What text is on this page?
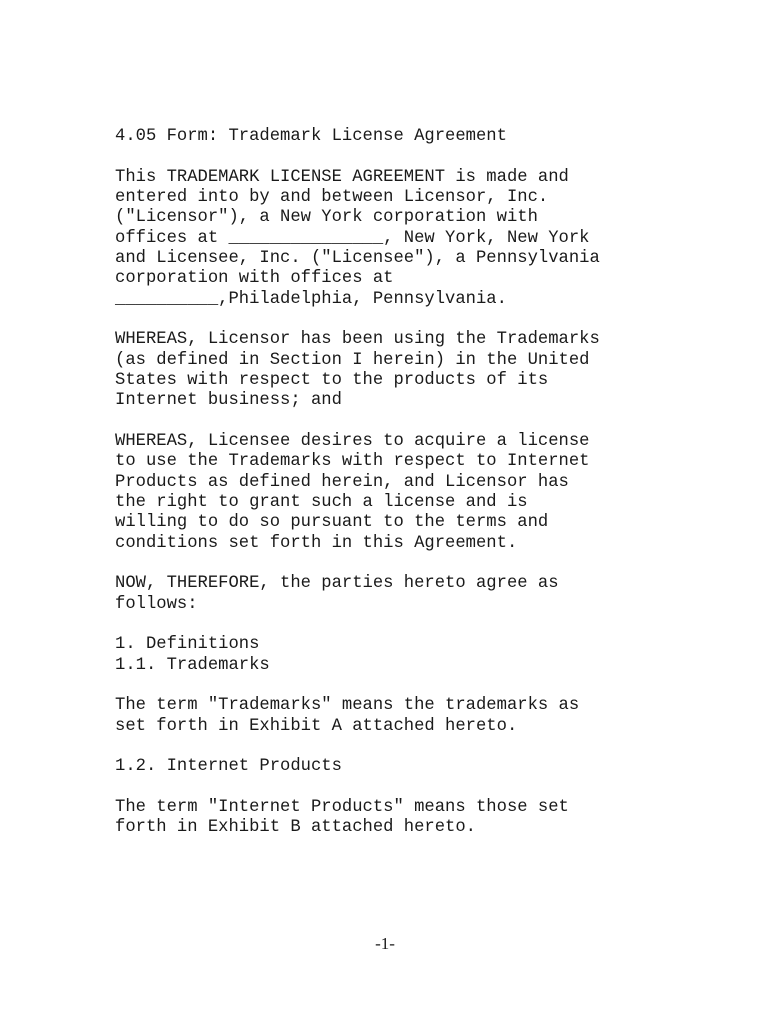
4.05 Form: Trademark License Agreement
This TRADEMARK LICENSE AGREEMENT is made and
entered into by and between Licensor, Inc.
("Licensor"), a New York corporation with
offices at _______________, New York, New York
and Licensee, Inc. ("Licensee"), a Pennsylvania
corporation with offices at
__________,Philadelphia, Pennsylvania.
WHEREAS, Licensor has been using the Trademarks
(as defined in Section I herein) in the United
States with respect to the products of its
Internet business; and
WHEREAS, Licensee desires to acquire a license
to use the Trademarks with respect to Internet
Products as defined herein, and Licensor has
the right to grant such a license and is
willing to do so pursuant to the terms and
conditions set forth in this Agreement.
NOW, THEREFORE, the parties hereto agree as
follows:
1. Definitions
1.1. Trademarks
The term "Trademarks" means the trademarks as
set forth in Exhibit A attached hereto.
1.2. Internet Products
The term "Internet Products" means those set
forth in Exhibit B attached hereto.
-1-
